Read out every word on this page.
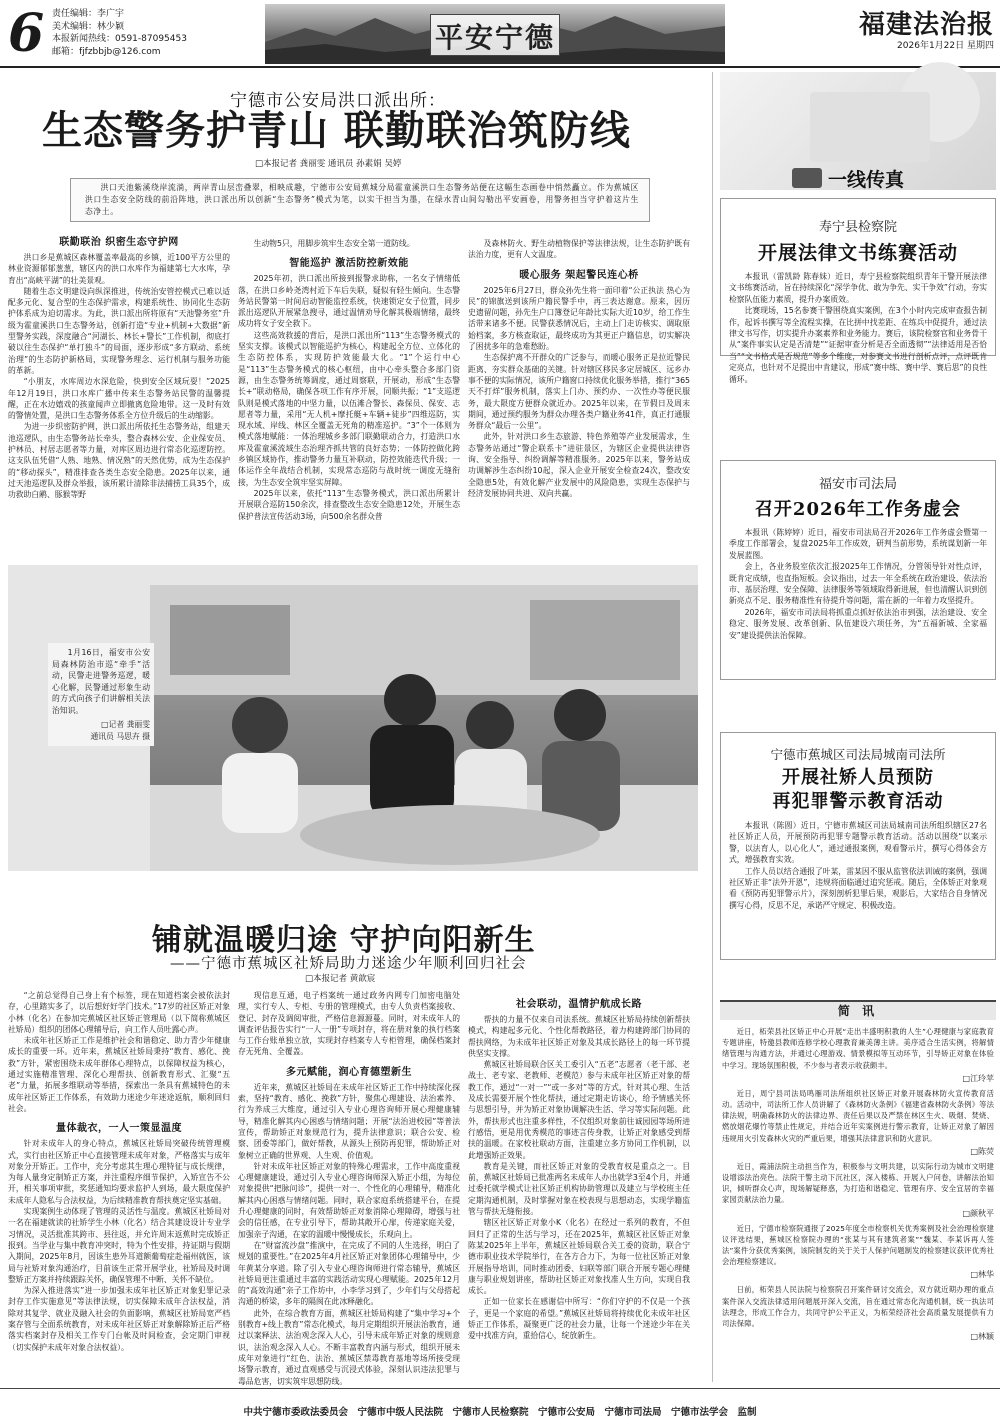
6 责任编辑：李广宇
美术编辑：林少颖
本报新闻热线：0591-87095453
邮箱：fjfzbbjb@126.com	平安宁德	福建法治报
2026年1月22日 星期四
宁德市公安局洪口派出所：
生态警务护青山 联勤联治筑防线
□本报记者 龚丽雯 通讯员 孙素娟 吴婷

洪口天池紫溪绕岸流淌，两岸青山层峦叠翠，相映成趣，宁德市公安局蕉城分局霍童溪洪口生态警务站便在这幅生态画卷中悄然矗立。作为蕉城区洪口生态安全防线的前沿阵地，洪口派出所以创新“生态警务”模式为笔，以实干担当为墨，在绿水青山间勾勒出平安画卷，用警务担当守护着这片生态净土。

联勤联治 织密生态守护网

洪口乡是蕉城区森林覆盖率最高的乡镇，近100平方公里的林业资源郁郁葱葱，辖区内的洪口水库作为福建第七大水库，孕育出“高峡平湖”的壮美景观。

随着生态文明建设向纵深推进，传统治安管控模式已难以适配多元化、复合型的生态保护需求，构建系统性、协同化生态防护体系成为迫切需求。为此，洪口派出所将原有“天池警务室”升级为霍童溪洪口生态警务站，创新打造“专业+机制+大数据”新型警务实践，深度融合“河湖长、林长+警长”工作机制，彻底打破以往生态保护“单打独斗”的局面，逐步形成“多方联动、系统治理”的生态防护新格局，实现警务理念、运行机制与服务功能的革新。

“小朋友，水库周边水深危险，快到安全区域玩耍！”2025年12月19日，洪口水库广播中传来生态警务站民警的温馨提醒，正在水边嬉戏的孩童闻声立即撤离危险地带。这一及时有效的警情处置，是洪口生态警务体系全方位升级后的生动缩影。

为进一步织密防护网，洪口派出所依托生态警务站，组建天池巡逻队，由生态警务站长牵头，整合森林公安、企业保安员、护林员、村居志愿者等力量，对库区周边进行常态化巡逻防控。这支队伍凭借“人熟、地熟、情况熟”的天然优势，成为生态保护的“移动探头”，精准排查各类生态安全隐患。2025年以来，通过天池巡逻队及群众举报，该所累计清除非法捕捞工具35个，成功救助白鹇、豚猴等野

生动物5只，用脚步筑牢生态安全第一道防线。

智能巡护 激活防控新效能

2025年初，洪口派出所接到报警求助称，一名女子情绪低落，在洪口乡岭尧湾村近下车后失联，疑似有轻生倾向。生态警务站民警第一时间启动智能监控系统，快速锁定女子位置，同步派出巡逻队开展紧急搜寻，通过温情劝导化解其极端情绪，最终成功将女子安全救下。

这些高效救援的背后，是洪口派出所“113”生态警务模式的坚实支撑。该模式以智能巡护为核心，构建起全方位、立体化的生态防控体系，实现防护效能最大化。“1”个运行中心是“113”生态警务模式的核心枢纽，由中心牵头整合多部门资源，由生态警务统筹调度，通过周察联，开展动，形成“生态警长+”联动格局，确保各项工作有序开展，同顺共振；“1”支巡逻队则是模式落地的中坚力量，以伍滩合警长、森保员、保安、志愿者等力量，采用“无人机+摩托艇+车辆+徒步”四维巡防，实现水域、岸线、林区全覆盖无死角的精准巡护。“3”个一体则为模式落地赋能：一体治理城乡多部门联勤联动合力，打造洪口水库及霍童溪流域生态治理齐抓共管的良好态势；一体防控做化跨乡镇区域协作，推动警务力量互补联动，防控效能迭代升级；一体运作全年战结合机制，实现常态巡防与战时统一调度无缝衔接，为生态安全筑牢坚实屏障。

2025年以来，依托“113”生态警务模式，洪口派出所累计开展联合巡防150余次，排查整改生态安全隐患12处，开展生态保护普法宣传活动3场，向500余名群众普

及森林防火、野生动植物保护等法律法规，让生态防护既有法治力度，更有人文温度。

暖心服务 架起警民连心桥

2025年6月27日，群众孙先生将一面印着“公正执法 热心为民”的锦旗送到该所户籍民警手中，再三表达谢意。原来，因历史遗留问题，孙先生户口簿登记年龄比实际大近10岁，给工作生活带来诸多不便。民警获悉情况后，主动上门走访核实、调取原始档案，多方核查取证，最终成功为其更正户籍信息，切实解决了困扰多年的急难愁盼。

生态保护离不开群众的广泛参与，而暖心服务正是拉近警民距离、夯实群众基础的关键。针对辖区移民多定居城区、远乡办事不便的实际情况，该所户籍窗口持续优化服务举措，推行“365天不打烊”服务机制，落实上门办、预约办、一次性办等便民服务，最大限度方便群众就近办。2025年以来，在节假日及周末期间，通过预约服务为群众办理各类户籍业务41件，真正打通服务群众“最后一公里”。

此外，针对洪口乡生态旅游、特色养殖等产业发展需求，生态警务站通过“警企联系卡”进驻景区，为辖区企业提供法律咨询、安全指导、纠纷调解等精准服务。2025年以来，警务站成功调解涉生态纠纷10起，深入企业开展安全检查24次，整改安全隐患5处，有效化解产业发展中的风险隐患，实现生态保护与经济发展协同共进、双向共赢。

1月16日，福安市公安局森林防治市巡“牵手”活动，民警走进警务巡逻，暖心化解，民警通过形象生动的方式向孩子们讲解相关法治知识。

□记者 龚丽雯
通讯员 马思卉 摄
铺就温暖归途 守护向阳新生
——宁德市蕉城区社矫局助力迷途少年顺利回归社会
□本报记者 黄歆宸

“之前总觉得自己身上有个标签，现在知道档案会被依法封存，心里踏实多了，以后想好好学门技术。”17岁的社区矫正对象小林（化名）在参加完蕉城区社区矫正管理局（以下简称蕉城区社矫局）组织的团体心理辅导后，向工作人员吐露心声。

未成年社区矫正工作是维护社会和谐稳定、助力青少年健康成长的重要一环。近年来，蕉城区社矫局秉持“教育、感化、挽救”方针，紧密围绕未成年群体心理特点，以保障权益为核心，通过实施精准管理、深化心理帮扶、创新教育形式、汇聚“五老”力量，拓展多维联动等举措，探索出一条具有蕉城特色的未成年社区矫正工作体系，有效助力迷途少年迷途返航，顺利回归社会。

量体裁衣，一人一策显温度

针对未成年人的身心特点，蕉城区社矫局突破传统管理模式，实行由社区矫正中心直接管理未成年对象，严格落实与成年对象分开矫正。工作中，充分考虑其生理心理特征与成长规律，为每人量身定制矫正方案，并注重程序细节保护，入矫宣告不公开，相关事项审批，奖惩通知均要求监护人到场，最大限度保护未成年人隐私与合法权益，为后续精准教育帮扶奠定坚实基础。

实现案例生动体现了管理的灵活性与温度。蕉城区社矫局对一名在福建就读的社矫学生小林（化名）结合其建设设计专业学习情况，灵活批准其跨市、县往返，并允许周末返蕉时完成矫正报到。当学业与集中教育冲突时，特为个性安排，持证期与假期入期间，2025年8月，因该生患外耳道额葡萄症赴福州就医，该局与社矫对象沟通治疗，目前该生正常开展学业，社矫局及时调整矫正方案并持续跟踪关怀，确保管理不中断、关怀不缺位。

为深入推进落实”进一步加强未成年社区矫正对象犯罪记录封存工作实施意见”等法律法规，切实保障未成年合法权益，消除对其复学、就业及融入社会的负面影响，蕉城区社矫局宽严档案存管与全面系统教育，对未成年社区矫正对象解除矫正后严格落实档案封存及相关工作专门台帐及时间检查，会定期门审视（切实保护未成年对象合法权益）。

现信息互通，电子档案统一通过政务内网专门加密电脑处理，实行专人、专柜、专册的管理模式，由专人负责档案接收、登记、封存及调阅审批，严格信息源源蔓。同时，对未成年人的调查评估报告实行“一人一册”专项封存，将在册对象的执行档案与工作台账单独立放，实现封存档案专人专柜管理，确保档案封存无死角、全覆盖。

多元赋能，润心育德塑新生

近年来，蕉城区社矫局在未成年社区矫正工作中持续深化探索，坚持“教育、感化、挽救”方针，聚焦心理建设、法治素养、行为养成三大维度，通过引入专业心理咨询师开展心理健康辅导，精准化解其内心困惑与情绪问题；开展“法治进校园”等普法宣传，帮助矫正对象规范行为，提升法律意识；联合公安、检察、团委等部门，做好帮教，从源头上预防再犯罪，帮助矫正对象树立正确的世界观、人生观、价值观。

针对未成年社区矫正对象的特殊心理需求，工作中高度重视心理健康建设，通过引入专业心理咨询师深入矫正小组，为每位对象提供“把脉问诊”，提供一对一、个性化的心理辅导，精准化解其内心困惑与情绪问题。同时，联合家庭系统搭建平台，在提升心理健康的同时，有效帮助矫正对象消除心理障碍，增强与社会的信任感，在专业引导下，帮助其敞开心扉，传递家庭关爱，加强亲子沟通，在家的温暖中慢慢成长，乐观向上。

在”财富流沙盘”推演中，在完成了不同的人生选择，明白了规划的重要性。”在2025年4月社区矫正对象团体心理辅导中，少年黄某分享道。除了引入专业心理咨询师进行常态辅导，蕉城区社矫局更注重通过丰富的实践活动实现心理赋能。2025年12月的“高效沟通”亲子工作坊中，小李学习到了，少年们与父母搭起沟通的桥梁，多年的隔阂在此冰释融化。

此外，在综合教育方面，蕉城区社矫局构建了“集中学习+个别教育+线上教育”常态化模式，每月定期组织开展法治教育，通过以案释法、法治观念深入人心，引导未成年矫正对象的规则意识，法治观念深入人心。不断丰富教育内涵与形式，组织开展未成年对象进行“红色、法治、蕉城区禁毒教育基地等场所接受现场警示教育，通过直观感受与沉浸式体验，深刻认识违法犯罪与毒品危害，切实筑牢思想防线。

社会联动，温情护航成长路

帮扶的力量不仅来自司法系统。蕉城区社矫局持续创新帮扶模式，构建起多元化、个性化帮教路径，着力构建跨部门协同的帮扶网络，为未成年社区矫正对象及其成长路径上的每一环节提供坚实支撑。

蕉城区社矫局联合区关工委引入“五老”志愿者（老干部、老战士、老专家、老教师、老模范）参与未成年社区矫正对象的帮教工作，通过“一对一”“或一多对”等的方式，针对其心理、生活及成长需要开展个性化帮扶，通过定期走访谈心，给予情感关怀与思想引导，并为矫正对象协调解决生活、学习等实际问题。此外，帮扶形式也注重多样性，不仅组织对象前往诚园园等场所进行感悟，更是用优秀模范的事迹言传身教，让矫正对象感受到帮扶的温暖。在家校社联动方面，注重建立多方协同工作机制，以此增强矫正效果。

教育是关键，而社区矫正对象的受教育权是重点之一。目前，蕉城区社矫局已批准两名未成年人办出就学3至4个月，并通过委托就学模式让社区矫正机构协助管理以及建立与学校班主任定期沟通机制，及时掌握对象在校表现与思想动态，实现学籍监管与帮扶无缝衔接。

辖区社区矫正对象小K（化名）在经过一系列的教育，不但回归了正常的生活与学习，还在2025年，蕉城区社区矫正对象陈某2025年上半年，蕉城区社矫局联合关工委的资助，联合宁德市职业技术学院举行，在各方合力下，为每一位社区矫正对象开展指导培训，同时推动团委、妇联等部门联合开展专题心理健康与职业规划讲座，帮助社区矫正对象找准人生方向，实现自我成长。

正如一位家长在感谢信中所写：“你们守护的不仅是一个孩子，更是一个家庭的希望。”蕉城区社矫局将持续优化未成年社区矫正工作体系，凝聚更广泛的社会力量，让每一个迷途少年在关爱中找准方向，重拾信心，绽放新生。

一线传真
寿宁县检察院
开展法律文书练赛活动

本报讯（雷凯龄 陈春妹）近日，寿宁县检察院组织青年干警开展法律文书练赛活动，旨在持续深化“深学争优、敢为争先、实干争效”行动，夯实检察队伍能力素质，提升办案质效。

比赛现场，15名参赛干警围绕真实案例，在3个小时内完成审查报告制作，起诉书撰写等全流程实操，在比拼中找差距、在练兵中促提升，通过法律文书写作，切实提升办案素养和业务能力。赛后，该院检察官和业务骨干从“案件事实认定是否清楚”“证据审查分析是否全面透彻”“法律适用是否恰当”“文书格式是否规范”等多个维度，对参赛文书进行剖析点评，点评既肯定亮点，也针对不足提出中肯建议，形成“赛中练、赛中学、赛后思”的良性循环。

福安市司法局
召开2026年工作务虚会

本报讯（陈婷婷）近日，福安市司法局召开2026年工作务虚会暨第一季度工作部署会，复盘2025年工作成效，研判当前形势，系统谋划新一年发展蓝图。

会上，各业务股室依次汇报2025年工作情况，分管领导针对性点评，既肯定成绩，也直指短板。会议指出，过去一年全系统在政治建设、依法治市、基层治理、安全保障、法律服务等领域取得新进展，但也清醒认识到创新亮点不足、服务精准性有待提升等问题，需在新的一年着力攻坚提升。

2026年，福安市司法局将抓重点抓好依法治市到强，法治建设、安全稳定、服务发展、改革创新、队伍建设六项任务，为“五福新城、全家福安”建设提供法治保障。

宁德市蕉城区司法局城南司法所
开展社矫人员预防
再犯罪警示教育活动

本报讯（陈圆）近日，宁德市蕉城区司法局城南司法所组织辖区27名社区矫正人员，开展预防再犯罪专题警示教育活动。活动以围绕“以案示警，以法育人，以心化人”，通过通报案例，观看警示片，撰写心得体会方式，增强教育实效。

工作人员以结合通报了叶某，雷某因不服从监管依法训诫的案例，强调社区矫正非“法外开恩”，违规将面临通过追究惩戒。随后，全体矫正对象观看《预防再犯罪警示片》，深刻剖析犯罪后果，观影后，大家结合自身情况撰写心得，反思不足，承诺严守规定、积极改造。

简 讯

近日，柘荣县社区矫正中心开展“走出丰盛明积教的人生”心理健康与家庭教育专题讲座，特邀县教师连修学校心理教育兼美薄主讲。美序适合生活实例，将解情绪管理与沟通方法，并通过心理游戏、情景模拟等互动环节，引导矫正对象在体验中学习。现场氛围积极，不少参与者表示收获颇丰。

□江玲苹

近日，周宁县司法局鸣雁司法所组织社区矫正对象开展森林防火宣传教育活动。活动中，司法所工作人员讲解了《森林防火条例》《福建省森林防火条例》等法律法规，明确森林防火的法律边界、责任后果以及严禁在林区生火、吸烟、焚烧、燃放烟花爆竹等禁止性规定，并结合近年实案例进行警示教育，让矫正对象了解因违规用火引发森林火灾的严重后果，增强其法律意识和防火意识。

□陈荧

近日，霞浦法院主动担当作为，积极参与文明共建，以实际行动为城市文明建设增添法治亮色。法院干警主动下沉社区，深入楼栋、开展入户问卷，讲解法治知识，倾听群众心声，现场解疑释惑，为打造和谐稳定、管理有序、安全宜居的幸福家园贡献法治力量。

□颜秋平

近日，宁德市检察院通报了2025年度全市检察机关优秀案例及社会治理检察建议评选结果，蕉城区检察院办理的“张某与其有建筑者案”“魏某、李某诉再人签法”案件分获优秀案例，该院制发的关于关于人保护问题制发的检察建议获评优秀社会治理检察建议。

□林华

日前，柘荣县人民法院与检察院召开案件研讨交流会，双方就近期办理的重点案件深入交流法律适用问题展开深入交流，旨在通过常态化沟通机制，统一执法司法理念，形成工作合力，共同守护公平正义，为柘荣经济社会高质量发展提供有力司法保障。

□林颖
中共宁德市委政法委员会　宁德市中级人民法院　宁德市人民检察院　宁德市公安局　宁德市司法局　宁德市法学会　监制
